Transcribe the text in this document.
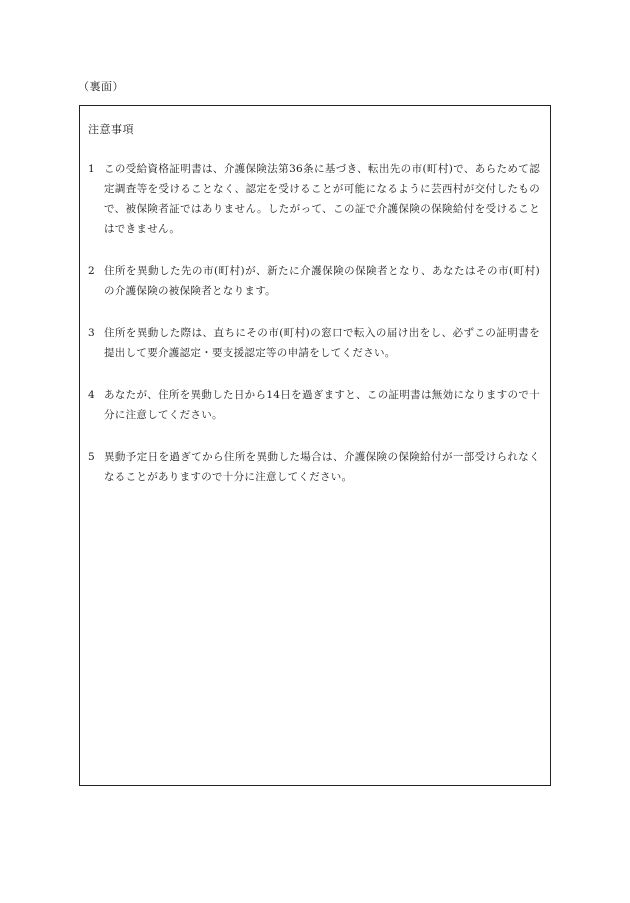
（裏面）
注意事項
1 この受給資格証明書は、介護保険法第36条に基づき、転出先の市(町村)で、あらためて認定調査等を受けることなく、認定を受けることが可能になるように芸西村が交付したもので、被保険者証ではありません。したがって、この証で介護保険の保険給付を受けることはできません。
2 住所を異動した先の市(町村)が、新たに介護保険の保険者となり、あなたはその市(町村)の介護保険の被保険者となります。
3 住所を異動した際は、直ちにその市(町村)の窓口で転入の届け出をし、必ずこの証明書を提出して要介護認定・要支援認定等の申請をしてください。
4 あなたが、住所を異動した日から14日を過ぎますと、この証明書は無効になりますので十分に注意してください。
5 異動予定日を過ぎてから住所を異動した場合は、介護保険の保険給付が一部受けられなくなることがありますので十分に注意してください。
